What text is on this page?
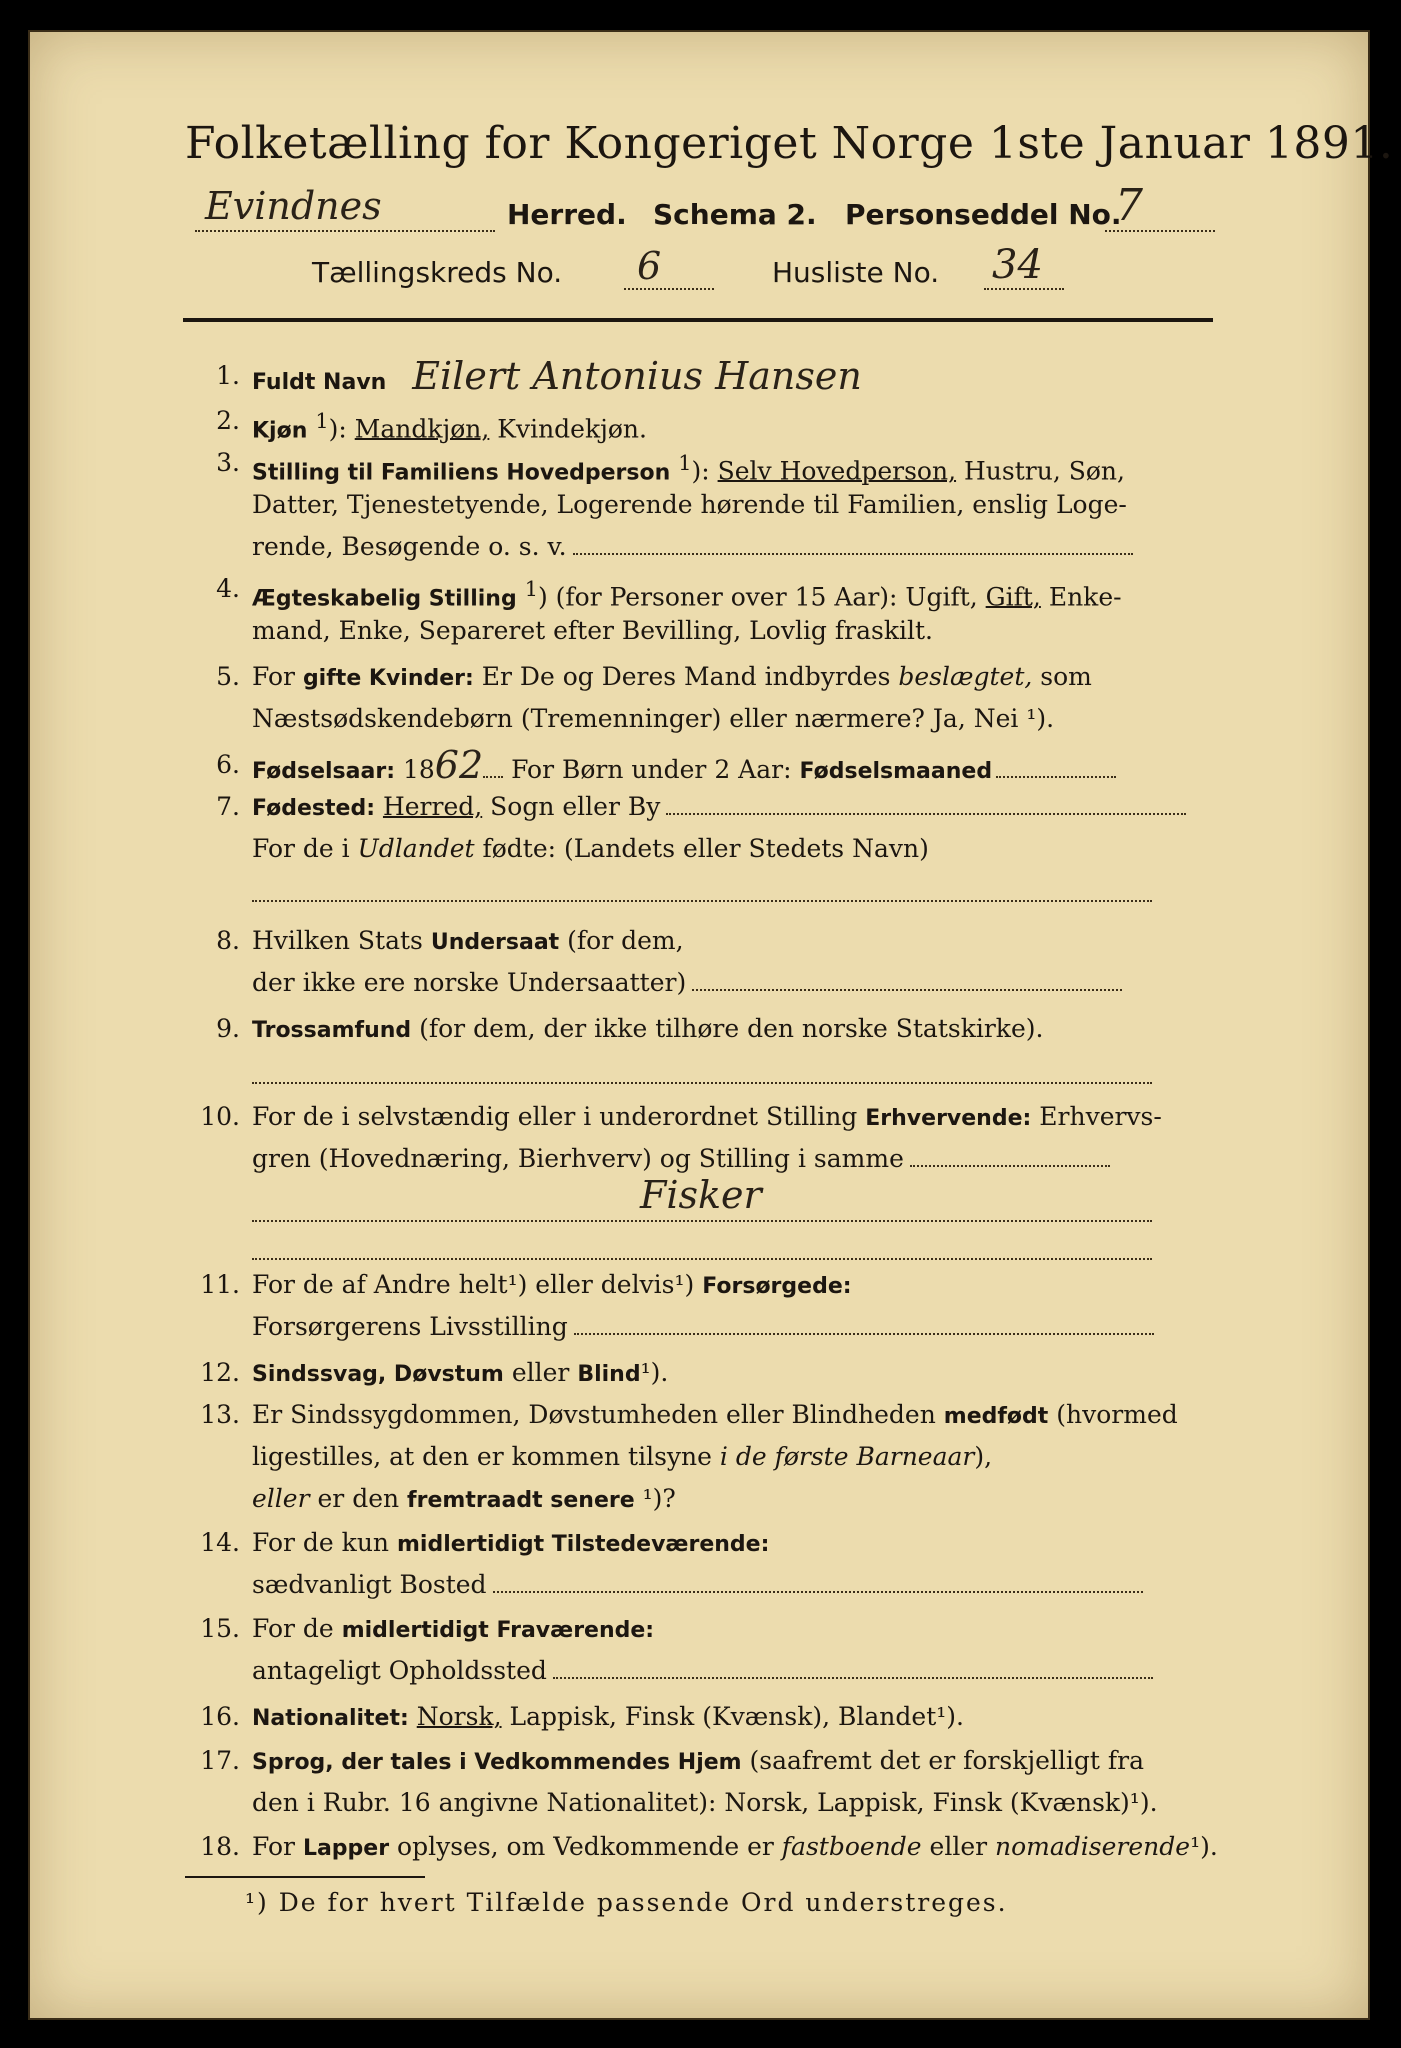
Folketælling for Kongeriget Norge 1ste Januar 1891.
Evindnes	Herred. Schema 2. Personseddel No.
7
Tællingskreds No. 6	Husliste No. 34
1. Fuldt Navn Eilert Antonius Hansen
2. Kjøn $^1$): Mandkjøn, Kvindekjøn.
3. Stilling til Familiens Hovedperson $^1$): Selv Hovedperson, Hustru, Søn,
Datter, Tjenestetyende, Logerende hørende til Familien, enslig Loge-
rende, Besøgende o. s. v.
4. Ægteskabelig Stilling $^1$) (for Personer over 15 Aar): Ugift, Gift, Enke-
mand, Enke, Separeret efter Bevilling, Lovlig fraskilt.
5. For gifte Kvinder: Er De og Deres Mand indbyrdes beslægtet, som
Næstsødskendebørn (Tremenninger) eller nærmere? Ja, Nei ¹).
6. Fødselsaar: 1862 For Børn under 2 Aar: Fødselsmaaned
7. Fødested: Herred, Sogn eller By
For de i Udlandet fødte: (Landets eller Stedets Navn)
8. Hvilken Stats Undersaat (for dem,
der ikke ere norske Undersaatter)
9. Trossamfund (for dem, der ikke tilhøre den norske Statskirke).
10. For de i selvstændig eller i underordnet Stilling Erhvervende: Erhvervs-
gren (Hovednæring, Bierhverv) og Stilling i samme
Fisker
11. For de af Andre helt¹) eller delvis¹) Forsørgede:
Forsørgerens Livsstilling
12. Sindssvag, Døvstum eller Blind¹).
13. Er Sindssygdommen, Døvstumheden eller Blindheden medfødt (hvormed
ligestilles, at den er kommen tilsyne i de første Barneaar),
eller er den fremtraadt senere ¹)?
14. For de kun midlertidigt Tilstedeværende:
sædvanligt Bosted
15. For de midlertidigt Fraværende:
antageligt Opholdssted
16. Nationalitet: Norsk, Lappisk, Finsk (Kvænsk), Blandet¹).
17. Sprog, der tales i Vedkommendes Hjem (saafremt det er forskjelligt fra
den i Rubr. 16 angivne Nationalitet): Norsk, Lappisk, Finsk (Kvænsk)¹).
18. For Lapper oplyses, om Vedkommende er fastboende eller nomadiserende¹).
¹) De for hvert Tilfælde passende Ord understreges.
